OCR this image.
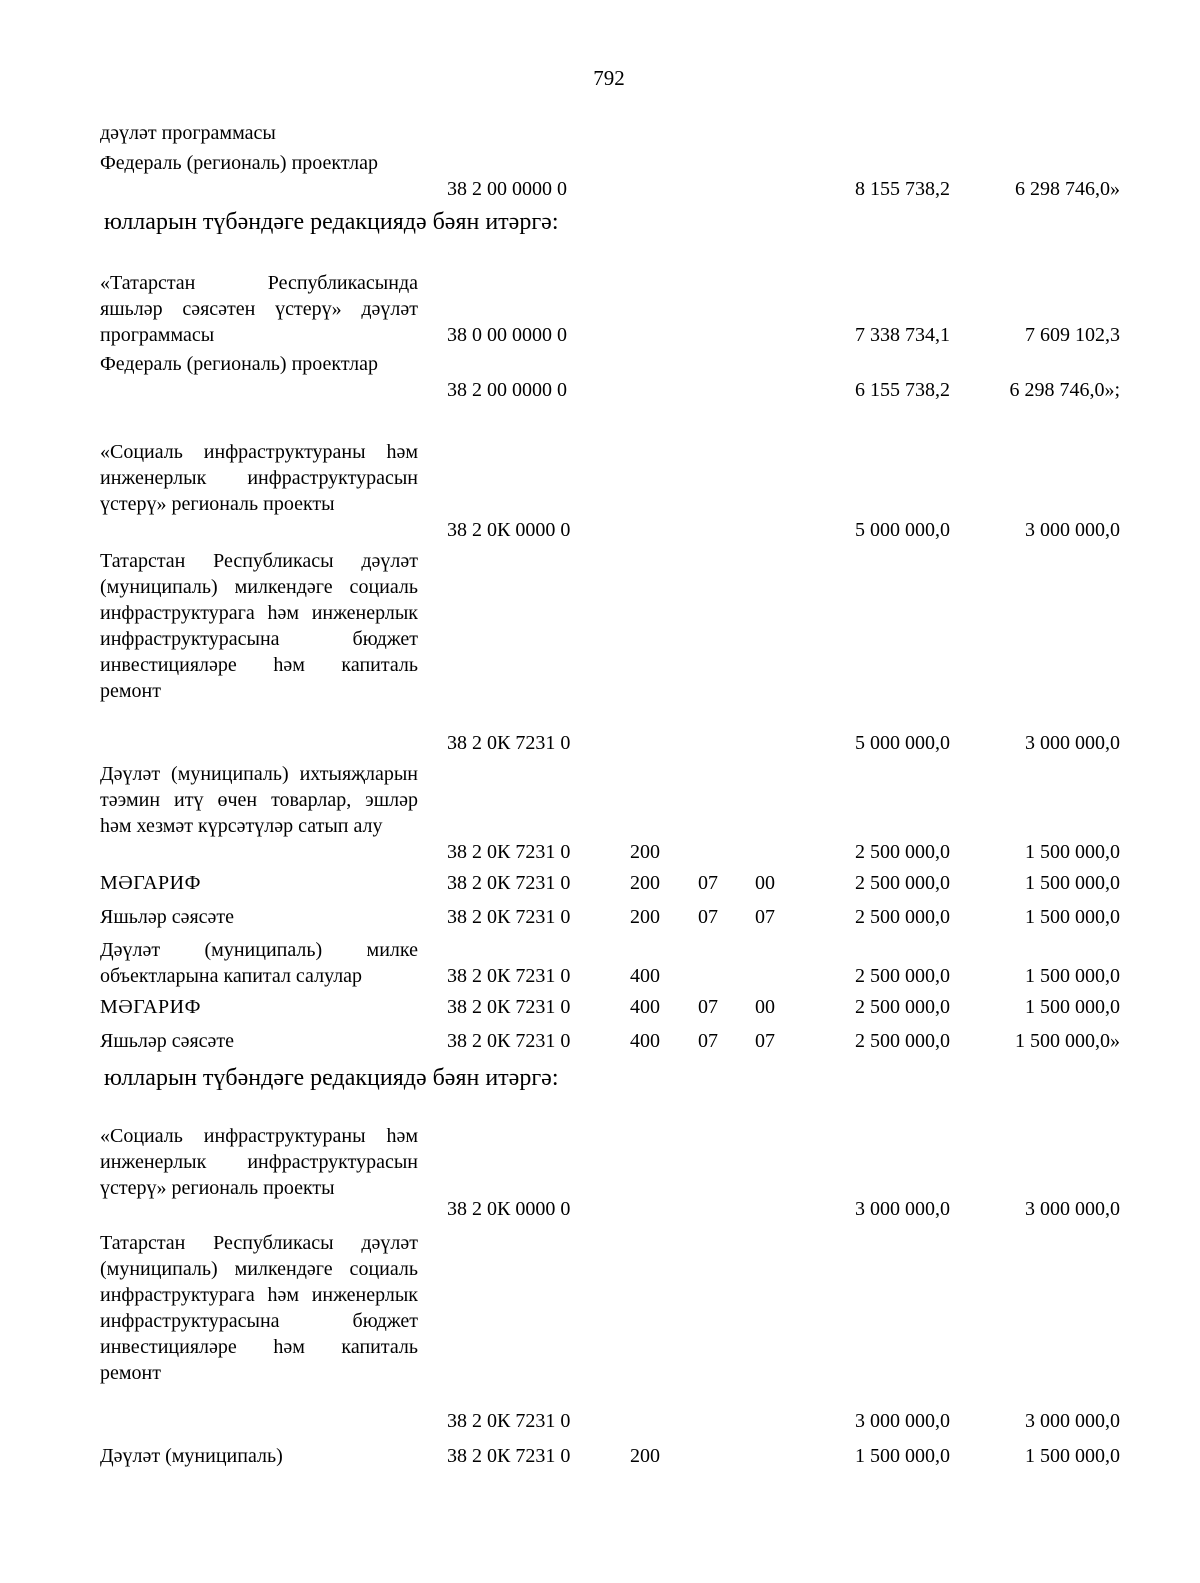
792
юлларын түбəндəге редакциядə бəян итəргə:
юлларын түбəндəге редакциядə бəян итəргə:
дəүлəт программасы
Федераль (региональ) проектлар
38 2 00 0000 0	8 155 738,2	6 298 746,0»
«Татарстан Республикасында яшьлəр сəясəтен үстерү» дəүлəт программасы	38 0 00 0000 0	7 338 734,1	7 609 102,3
Федераль (региональ) проектлар
38 2 00 0000 0	6 155 738,2	6 298 746,0»;
«Социаль инфраструктураны һəм инженерлык инфраструктурасын үстерү» региональ проекты
38 2 0К 0000 0	5 000 000,0	3 000 000,0
Татарстан Республикасы дəүлəт (муниципаль) милкендəге социаль инфраструктурага һəм инженерлык инфраструктурасына бюджет инвестициялəре һəм капиталь ремонт
38 2 0К 7231 0	5 000 000,0	3 000 000,0
Дəүлəт (муниципаль) ихтыяҗларын тəэмин итү өчен товарлар, эшлəр һəм хезмəт күрсəтүлəр сатып алу
38 2 0К 7231 0	200	2 500 000,0	1 500 000,0
МƏГАРИФ	38 2 0К 7231 0	200 07 00	2 500 000,0	1 500 000,0
Яшьлəр сəясəте	38 2 0К 7231 0	200 07 07	2 500 000,0	1 500 000,0
Дəүлəт (муниципаль) милке объектларына капитал салулар	38 2 0К 7231 0	400	2 500 000,0	1 500 000,0
МƏГАРИФ	38 2 0К 7231 0	400 07 00	2 500 000,0	1 500 000,0
Яшьлəр сəясəте	38 2 0К 7231 0	400 07 07	2 500 000,0	1 500 000,0»
«Социаль инфраструктураны һəм инженерлык инфраструктурасын үстерү» региональ проекты
38 2 0К 0000 0	3 000 000,0	3 000 000,0
Татарстан Республикасы дəүлəт (муниципаль) милкендəге социаль инфраструктурага һəм инженерлык инфраструктурасына бюджет инвестициялəре һəм капиталь ремонт
38 2 0К 7231 0	3 000 000,0	3 000 000,0
Дəүлəт (муниципаль)	38 2 0К 7231 0	200	1 500 000,0	1 500 000,0
